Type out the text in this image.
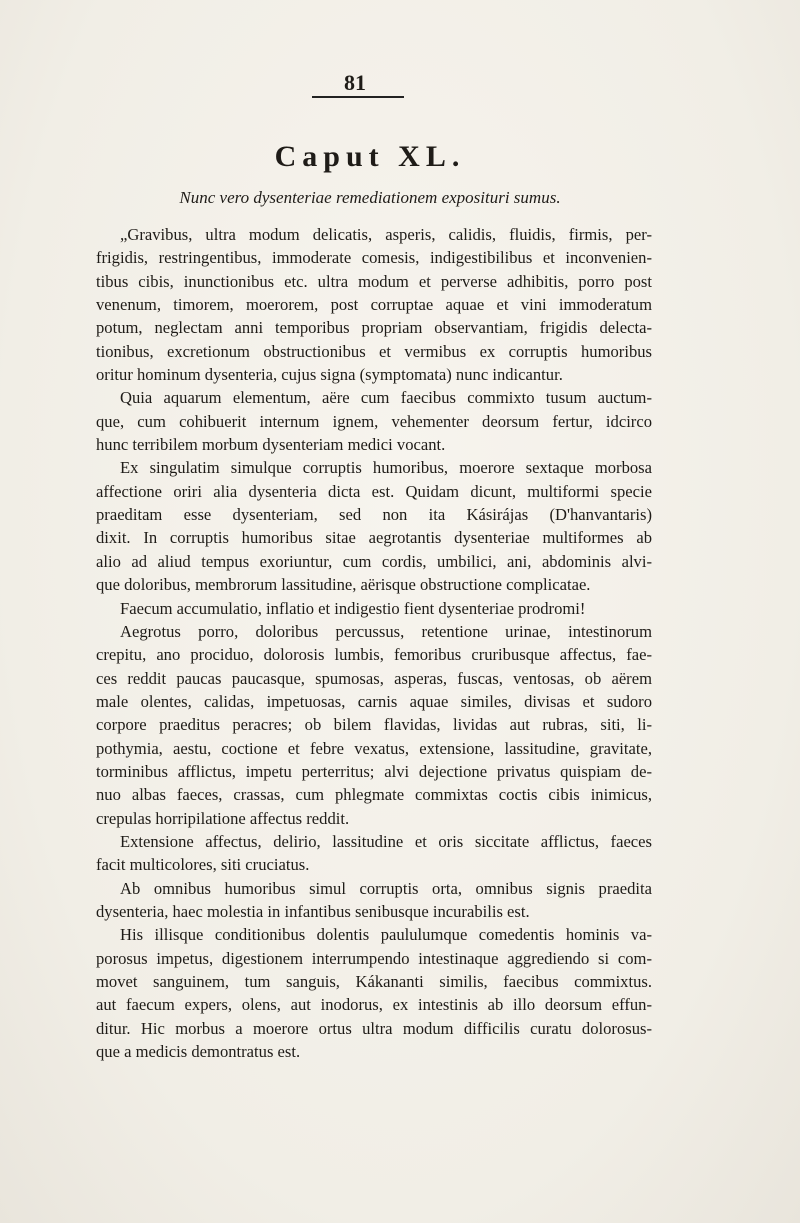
81
Caput XL.
Nunc vero dysenteriae remediationem exposituri sumus.
„Gravibus, ultra modum delicatis, asperis, calidis, fluidis, firmis, per-
frigidis, restringentibus, immoderate comesis, indigestibilibus et inconvenien-
tibus cibis, inunctionibus etc. ultra modum et perverse adhibitis, porro post
venenum, timorem, moerorem, post corruptae aquae et vini immoderatum
potum, neglectam anni temporibus propriam observantiam, frigidis delecta-
tionibus, excretionum obstructionibus et vermibus ex corruptis humoribus
oritur hominum dysenteria, cujus signa (symptomata) nunc indicantur.
Quia aquarum elementum, aëre cum faecibus commixto tusum auctum-
que, cum cohibuerit internum ignem, vehementer deorsum fertur, idcirco
hunc terribilem morbum dysenteriam medici vocant.
Ex singulatim simulque corruptis humoribus, moerore sextaque morbosa
affectione oriri alia dysenteria dicta est. Quidam dicunt, multiformi specie
praeditam esse dysenteriam, sed non ita Kásirájas (D'hanvantaris)
dixit. In corruptis humoribus sitae aegrotantis dysenteriae multiformes ab
alio ad aliud tempus exoriuntur, cum cordis, umbilici, ani, abdominis alvi-
que doloribus, membrorum lassitudine, aërisque obstructione complicatae.
Faecum accumulatio, inflatio et indigestio fient dysenteriae prodromi!
Aegrotus porro, doloribus percussus, retentione urinae, intestinorum
crepitu, ano prociduo, dolorosis lumbis, femoribus cruribusque affectus, fae-
ces reddit paucas paucasque, spumosas, asperas, fuscas, ventosas, ob aërem
male olentes, calidas, impetuosas, carnis aquae similes, divisas et sudoro
corpore praeditus peracres; ob bilem flavidas, lividas aut rubras, siti, li-
pothymia, aestu, coctione et febre vexatus, extensione, lassitudine, gravitate,
torminibus afflictus, impetu perterritus; alvi dejectione privatus quispiam de-
nuo albas faeces, crassas, cum phlegmate commixtas coctis cibis inimicus,
crepulas horripilatione affectus reddit.
Extensione affectus, delirio, lassitudine et oris siccitate afflictus, faeces
facit multicolores, siti cruciatus.
Ab omnibus humoribus simul corruptis orta, omnibus signis praedita
dysenteria, haec molestia in infantibus senibusque incurabilis est.
His illisque conditionibus dolentis paululumque comedentis hominis va-
porosus impetus, digestionem interrumpendo intestinaque aggrediendo si com-
movet sanguinem, tum sanguis, Kákananti similis, faecibus commixtus.
aut faecum expers, olens, aut inodorus, ex intestinis ab illo deorsum effun-
ditur. Hic morbus a moerore ortus ultra modum difficilis curatu dolorosus-
que a medicis demontratus est.
